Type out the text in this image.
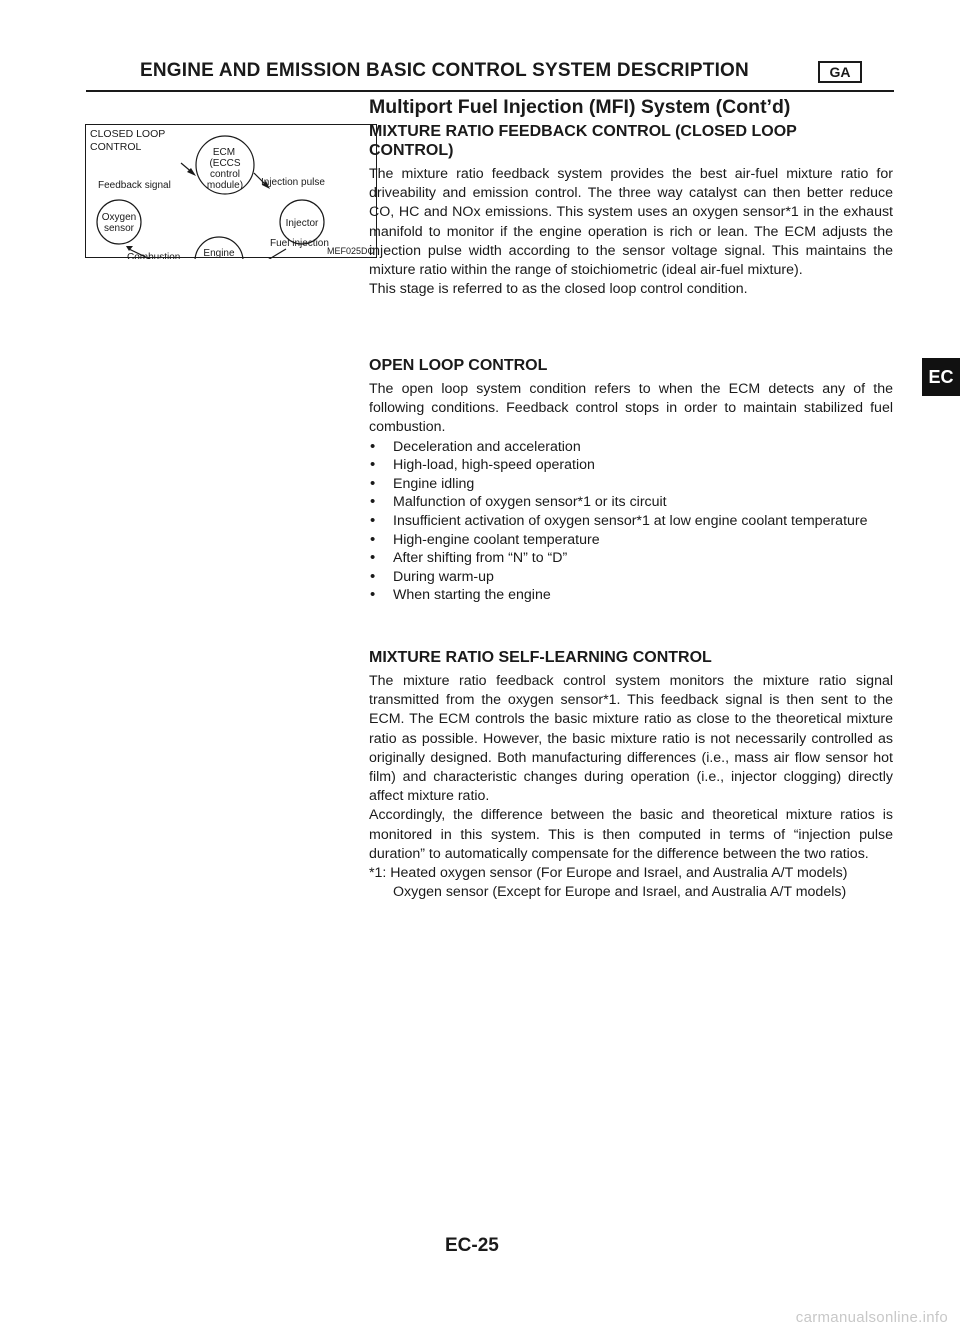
ENGINE AND EMISSION BASIC CONTROL SYSTEM DESCRIPTION	GA
Multiport Fuel Injection (MFI) System (Cont’d)
CLOSED LOOP
CONTROL	ECM
(ECCS
control
module)
Oxygen
sensor	Injector
Engine
Injection pulse
Feedback signal
Combustion
Fuel injection
MEF025DC
MIXTURE RATIO FEEDBACK CONTROL (CLOSED LOOP
CONTROL)
The mixture ratio feedback system provides the best air-fuel mixture ratio for driveability and emission control. The three way catalyst can then better reduce CO, HC and NOx emissions. This system uses an oxygen sensor*1 in the exhaust manifold to monitor if the engine operation is rich or lean. The ECM adjusts the injection pulse width according to the sensor voltage signal. This maintains the mixture ratio within the range of stoichiometric (ideal air-fuel mixture).
This stage is referred to as the closed loop control condition.
OPEN LOOP CONTROL
The open loop system condition refers to when the ECM detects any of the following conditions. Feedback control stops in order to maintain stabilized fuel combustion.
• Deceleration and acceleration
• High-load, high-speed operation
• Engine idling
• Malfunction of oxygen sensor*1 or its circuit
• Insufficient activation of oxygen sensor*1 at low engine coolant temperature
• High-engine coolant temperature
• After shifting from “N” to “D”
• During warm-up
• When starting the engine
MIXTURE RATIO SELF-LEARNING CONTROL
The mixture ratio feedback control system monitors the mixture ratio signal transmitted from the oxygen sensor*1. This feedback signal is then sent to the ECM. The ECM controls the basic mixture ratio as close to the theoretical mixture ratio as possible. However, the basic mixture ratio is not necessarily controlled as originally designed. Both manufacturing differences (i.e., mass air flow sensor hot film) and characteristic changes during operation (i.e., injector clogging) directly affect mixture ratio.
Accordingly, the difference between the basic and theoretical mixture ratios is monitored in this system. This is then computed in terms of “injection pulse duration” to automatically compensate for the difference between the two ratios.
*1: Heated oxygen sensor (For Europe and Israel, and Australia A/T models)
Oxygen sensor (Except for Europe and Israel, and Australia A/T models)
EC
EC-25
carmanualsonline.info
